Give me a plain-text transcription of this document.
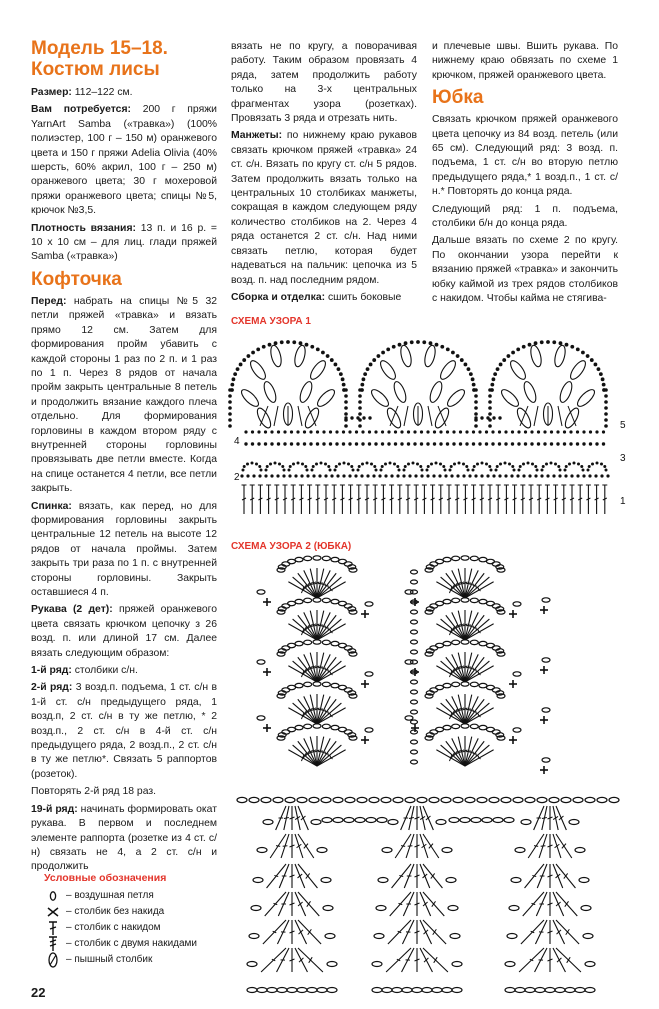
Модель 15–18.
Костюм лисы

Размер: 112–122 см.

Вам потребуется: 200 г пряжи YarnArt Samba («травка») (100% полиэстер, 100 г – 150 м) оранжевого цвета и 150 г пряжи Adelia Olivia (40% шерсть, 60% акрил, 100 г – 250 м) оранжевого цвета; 30 г мохеровой пряжи оранжевого цвета; спицы №5, крючок №3,5.

Плотность вязания: 13 п. и 16 р. = 10 x 10 см – для лиц. глади пряжей Samba («травка»)

Кофточка

Перед: набрать на спицы №5 32 петли пряжей «травка» и вязать прямо 12 см. Затем для формирования пройм убавить с каждой стороны 1 раз по 2 п. и 1 раз по 1 п. Через 8 рядов от начала пройм закрыть центральные 8 петель и продолжить вязание каждого плеча отдельно. Для формирования горловины в каждом втором ряду с внутренней стороны горловины провязывать две петли вместе. Когда на спице останется 4 петли, все петли закрыть.

Спинка: вязать, как перед, но для формирования горловины закрыть центральные 12 петель на высоте 12 рядов от начала проймы. Затем закрыть три раза по 1 п. с внутренней стороны горловины. Закрыть оставшиеся 4 п.

Рукава (2 дет): пряжей оранжевого цвета связать крючком цепочку з 26 возд. п. или длиной 17 см. Далее вязать следующим образом:

1-й ряд: столбики с/н.

2-й ряд: 3 возд.п. подъема, 1 ст. с/н в 1-й ст. с/н предыдущего ряда, 1 возд.п, 2 ст. с/н в ту же петлю, * 2 возд.п., 2 ст. с/н в 4-й ст. с/н предыдущего ряда, 2 возд.п., 2 ст. с/н в ту же петлю*. Связать 5 раппортов (розеток).

Повторять 2-й ряд 18 раз.

19-й ряд: начинать формировать окат рукава. В первом и последнем элементе раппорта (розетке из 4 ст. с/н) связать не 4, а 2 ст. с/н и продолжить

вязать не по кругу, а поворачивая работу. Таким образом провязать 4 ряда, затем продолжить работу только на 3-х центральных фрагментах узора (розетках). Провязать 3 ряда и отрезать нить.

Манжеты: по нижнему краю рукавов связать крючком пряжей «травка» 24 ст. с/н. Вязать по кругу ст. с/н 5 рядов. Затем продолжить вязать только на центральных 10 столбиках манжеты, сокращая в каждом следующем ряду количество столбиков на 2. Через 4 ряда останется 2 ст. с/н. Над ними связать петлю, которая будет надеваться на пальчик: цепочка из 5 возд. п. над последним рядом.

Сборка и отделка: сшить боковые

и плечевые швы. Вшить рукава. По нижнему краю обвязать по схеме 1 крючком, пряжей оранжевого цвета.

Юбка

Связать крючком пряжей оранжевого цвета цепочку из 84 возд. петель (или 65 см). Следующий ряд: 3 возд. п. подъема, 1 ст. с/н во вторую петлю предыдущего ряда,* 1 возд.п., 1 ст. с/н.* Повторять до конца ряда.

Следующий ряд: 1 п. подъема, столбики б/н до конца ряда.

Дальше вязать по схеме 2 по кругу. По окончании узора перейти к вязанию пряжей «травка» и закончить юбку каймой из трех рядов столбиков с накидом. Чтобы кайма не стягива-

СХЕМА УЗОРА 1
5
3
1
4
2
СХЕМА УЗОРА 2 (ЮБКА)
Условные обозначения
– воздушная петля
– столбик без накида
– столбик с накидом
– столбик с двумя накидами
– пышный столбик
22
